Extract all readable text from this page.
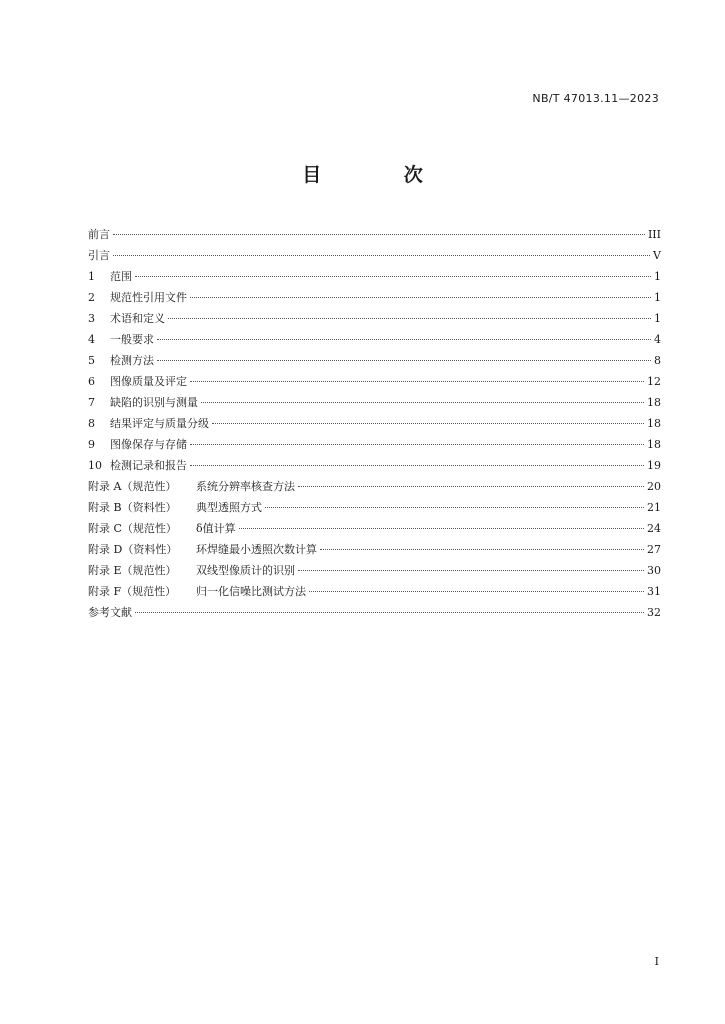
NB/T 47013.11—2023
目 次
前言	III
引言	V
1	范围	1
2	规范性引用文件	1
3	术语和定义	1
4	一般要求	4
5	检测方法	8
6	图像质量及评定	12
7	缺陷的识别与测量	18
8	结果评定与质量分级	18
9	图像保存与存储	18
10 检测记录和报告	19
附录 A（规范性）	系统分辨率核查方法	20
附录 B（资料性）	典型透照方式	21
附录 C（规范性）	δ值计算	24
附录 D（资料性）	环焊缝最小透照次数计算	27
附录 E（规范性）	双线型像质计的识别	30
附录 F（规范性）	归一化信噪比测试方法	31
参考文献	32
I
